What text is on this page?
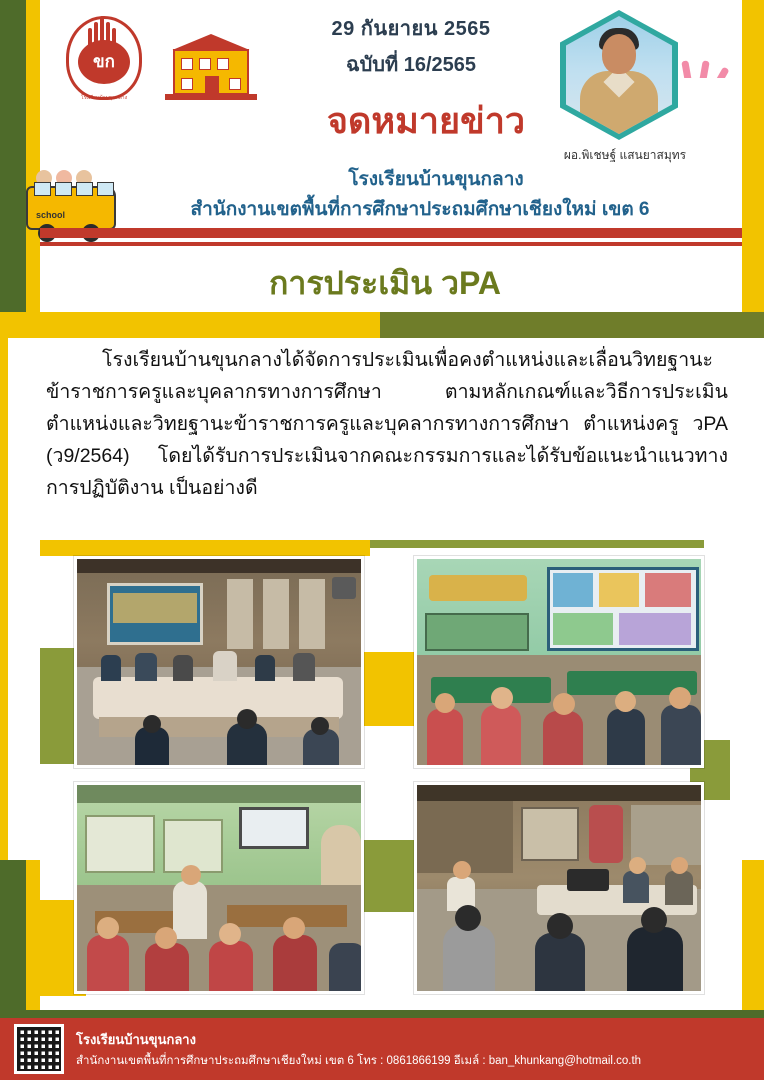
ขก
โรงเรียนบ้านขุนกลาง
29 กันยายน 2565
ฉบับที่ 16/2565
ผอ.พิเชษฐ์ แสนยาสมุทร
จดหมายข่าว
โรงเรียนบ้านขุนกลาง
สำนักงานเขตพื้นที่การศึกษาประถมศึกษาเชียงใหม่ เขต 6
school
การประเมิน วPA
โรงเรียนบ้านขุนกลางได้จัดการประเมินเพื่อคงตำแหน่งและเลื่อนวิทยฐานะข้าราชการครูและบุคลากรทางการศึกษา ตามหลักเกณฑ์และวิธีการประเมินตำแหน่งและวิทยฐานะข้าราชการครูและบุคลากรทางการศึกษา ตำแหน่งครู วPA (ว9/2564) โดยได้รับการประเมินจากคณะกรรมการและได้รับข้อแนะนำแนวทางการปฏิบัติงาน เป็นอย่างดี
โรงเรียนบ้านขุนกลาง
สำนักงานเขตพื้นที่การศึกษาประถมศึกษาเชียงใหม่ เขต 6 โทร : 0861866199 อีเมล์ : ban_khunkang@hotmail.co.th
